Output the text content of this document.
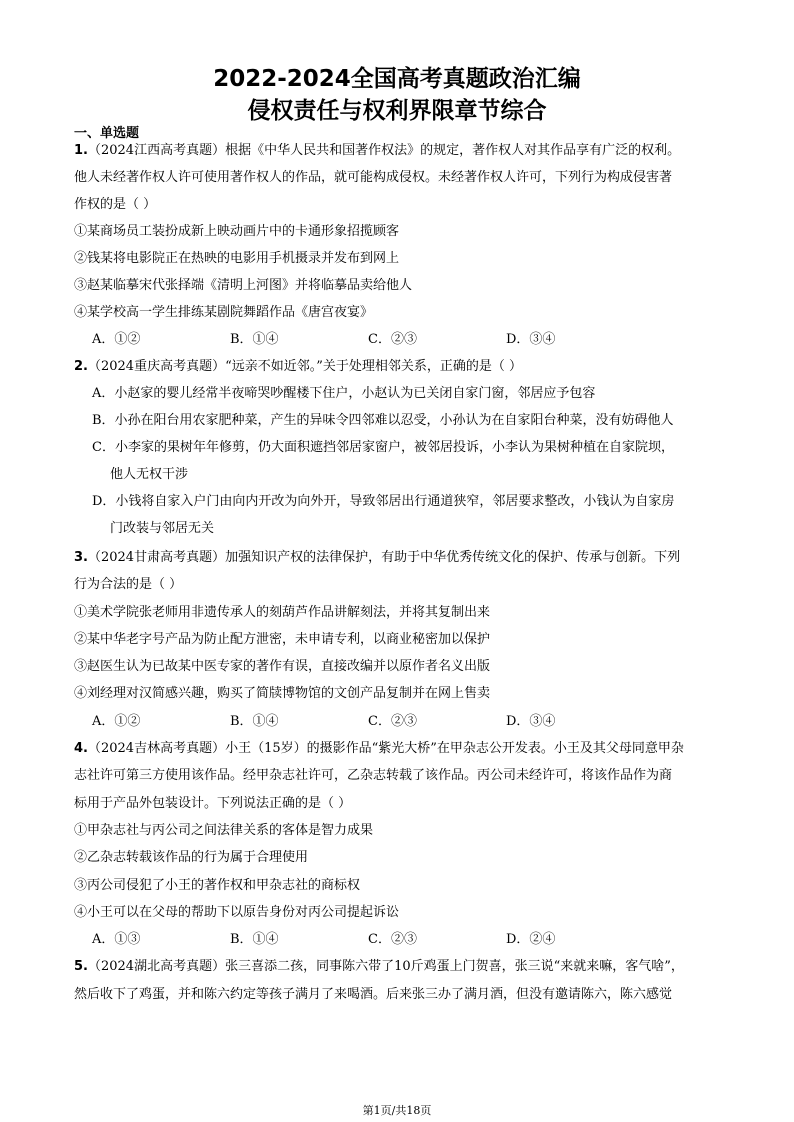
2022-2024全国高考真题政治汇编
侵权责任与权利界限章节综合
一、单选题
1.（2024江西高考真题）根据《中华人民共和国著作权法》的规定，著作权人对其作品享有广泛的权利。
他人未经著作权人许可使用著作权人的作品，就可能构成侵权。未经著作权人许可，下列行为构成侵害著
作权的是（ ）
①某商场员工装扮成新上映动画片中的卡通形象招揽顾客
②钱某将电影院正在热映的电影用手机摄录并发布到网上
③赵某临摹宋代张择端《清明上河图》并将临摹品卖给他人
④某学校高一学生排练某剧院舞蹈作品《唐宫夜宴》
A．①②	B．①④	C．②③	D．③④
2.（2024重庆高考真题）“远亲不如近邻。”关于处理相邻关系，正确的是（ ）
A．小赵家的婴儿经常半夜啼哭吵醒楼下住户，小赵认为已关闭自家门窗，邻居应予包容
B．小孙在阳台用农家肥种菜，产生的异味令四邻难以忍受，小孙认为在自家阳台种菜，没有妨碍他人
C．小李家的果树年年修剪，仍大面积遮挡邻居家窗户，被邻居投诉，小李认为果树种植在自家院坝，
他人无权干涉
D．小钱将自家入户门由向内开改为向外开，导致邻居出行通道狭窄，邻居要求整改，小钱认为自家房
门改装与邻居无关
3.（2024甘肃高考真题）加强知识产权的法律保护，有助于中华优秀传统文化的保护、传承与创新。下列
行为合法的是（ ）
①美术学院张老师用非遗传承人的刻葫芦作品讲解刻法，并将其复制出来
②某中华老字号产品为防止配方泄密，未申请专利，以商业秘密加以保护
③赵医生认为已故某中医专家的著作有误，直接改编并以原作者名义出版
④刘经理对汉简感兴趣，购买了简牍博物馆的文创产品复制并在网上售卖
A．①②	B．①④	C．②③	D．③④
4.（2024吉林高考真题）小王（15岁）的摄影作品“紫光大桥”在甲杂志公开发表。小王及其父母同意甲杂
志社许可第三方使用该作品。经甲杂志社许可，乙杂志转载了该作品。丙公司未经许可，将该作品作为商
标用于产品外包装设计。下列说法正确的是（ ）
①甲杂志社与丙公司之间法律关系的客体是智力成果
②乙杂志转载该作品的行为属于合理使用
③丙公司侵犯了小王的著作权和甲杂志社的商标权
④小王可以在父母的帮助下以原告身份对丙公司提起诉讼
A．①③	B．①④	C．②③	D．②④
5.（2024湖北高考真题）张三喜添二孩，同事陈六带了10斤鸡蛋上门贺喜，张三说“来就来嘛，客气啥”，
然后收下了鸡蛋，并和陈六约定等孩子满月了来喝酒。后来张三办了满月酒，但没有邀请陈六，陈六感觉
第1页/共18页
